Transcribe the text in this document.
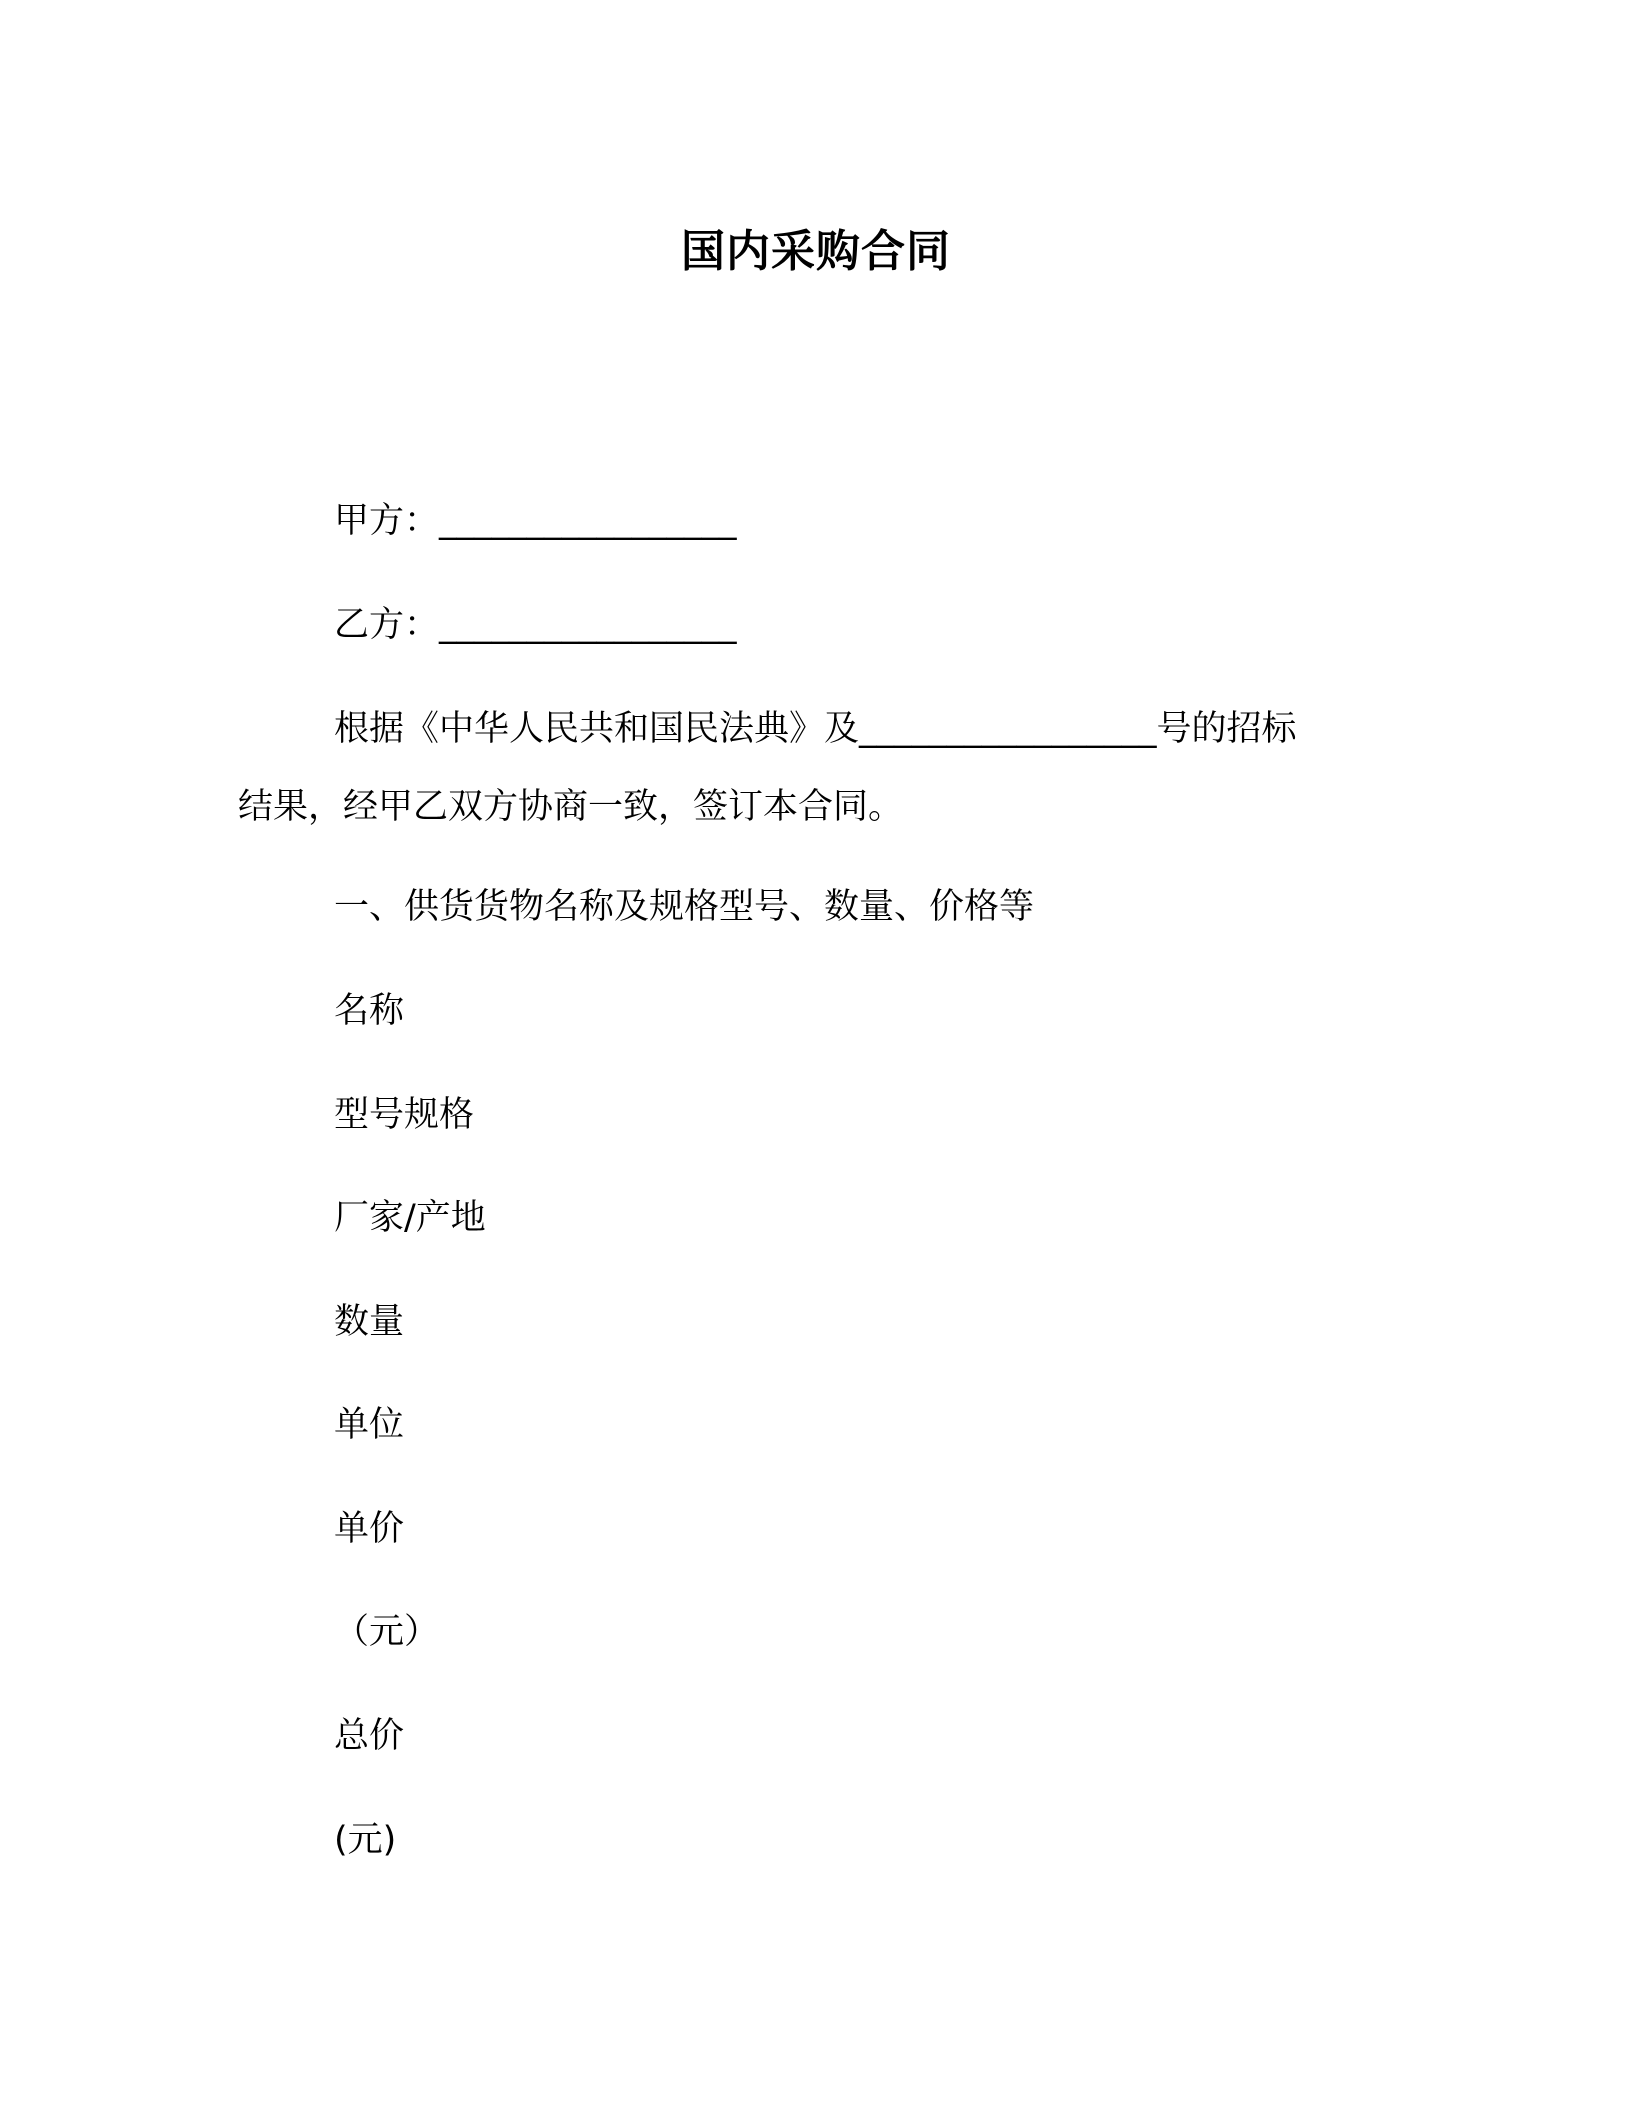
国内采购合同
甲方：_________________
乙方：_________________
根据《中华人民共和国民法典》及_________________号的招标
结果，经甲乙双方协商一致，签订本合同。
一、供货货物名称及规格型号、数量、价格等
名称
型号规格
厂家/产地
数量
单位
单价
（元）
总价
(元)
